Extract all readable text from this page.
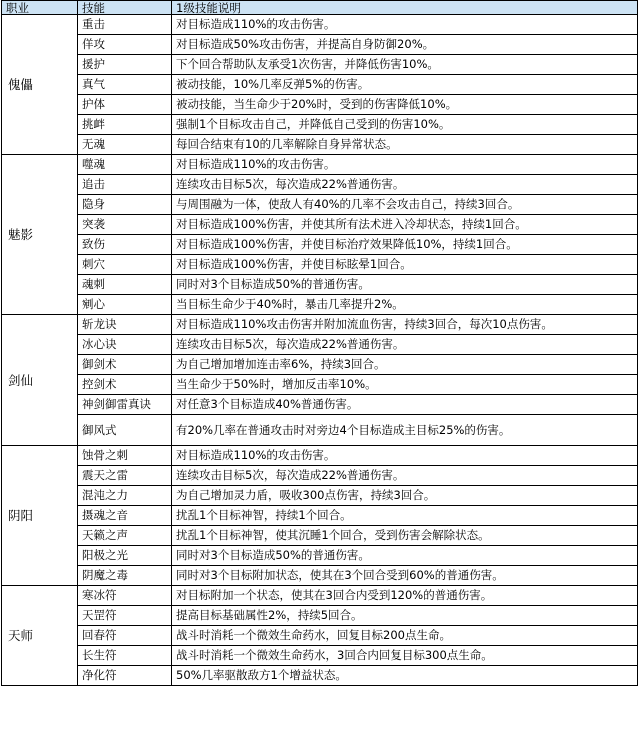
职业	技能	1级技能说明
傀儡	重击	对目标造成110%的攻击伤害。
	佯攻	对目标造成50%攻击伤害，并提高自身防御20%。
	援护	下个回合帮助队友承受1次伤害，并降低伤害10%。
	真气	被动技能，10%几率反弹5%的伤害。
	护体	被动技能，当生命少于20%时，受到的伤害降低10%。
	挑衅	强制1个目标攻击自己，并降低自己受到的伤害10%。
	无魂	每回合结束有10的几率解除自身异常状态。
魅影	噬魂	对目标造成110%的攻击伤害。
	追击	连续攻击目标5次，每次造成22%普通伤害。
	隐身	与周围融为一体，使敌人有40%的几率不会攻击自己，持续3回合。
	突袭	对目标造成100%伤害，并使其所有法术进入冷却状态，持续1回合。
	致伤	对目标造成100%伤害，并使目标治疗效果降低10%，持续1回合。
	刺穴	对目标造成100%伤害，并使目标眩晕1回合。
	魂刺	同时对3个目标造成50%的普通伤害。
	剜心	当目标生命少于40%时，暴击几率提升2%。
剑仙	斩龙诀	对目标造成110%攻击伤害并附加流血伤害，持续3回合，每次10点伤害。
	冰心诀	连续攻击目标5次，每次造成22%普通伤害。
	御剑术	为自己增加增加连击率6%，持续3回合。
	控剑术	当生命少于50%时，增加反击率10%。
	神剑御雷真诀	对任意3个目标造成40%普通伤害。
	御风式	有20%几率在普通攻击时对旁边4个目标造成主目标25%的伤害。
阴阳	蚀骨之刺	对目标造成110%的攻击伤害。
	震天之雷	连续攻击目标5次，每次造成22%普通伤害。
	混沌之力	为自己增加灵力盾，吸收300点伤害，持续3回合。
	摄魂之音	扰乱1个目标神智，持续1个回合。
	天籁之声	扰乱1个目标神智，使其沉睡1个回合，受到伤害会解除状态。
	阳极之光	同时对3个目标造成50%的普通伤害。
	阴魔之毒	同时对3个目标附加状态，使其在3个回合受到60%的普通伤害。
天师	寒冰符	对目标附加一个状态，使其在3回合内受到120%的普通伤害。
	天罡符	提高目标基础属性2%，持续5回合。
	回春符	战斗时消耗一个微效生命药水，回复目标200点生命。
	长生符	战斗时消耗一个微效生命药水，3回合内回复目标300点生命。
	净化符	50%几率驱散敌方1个增益状态。
